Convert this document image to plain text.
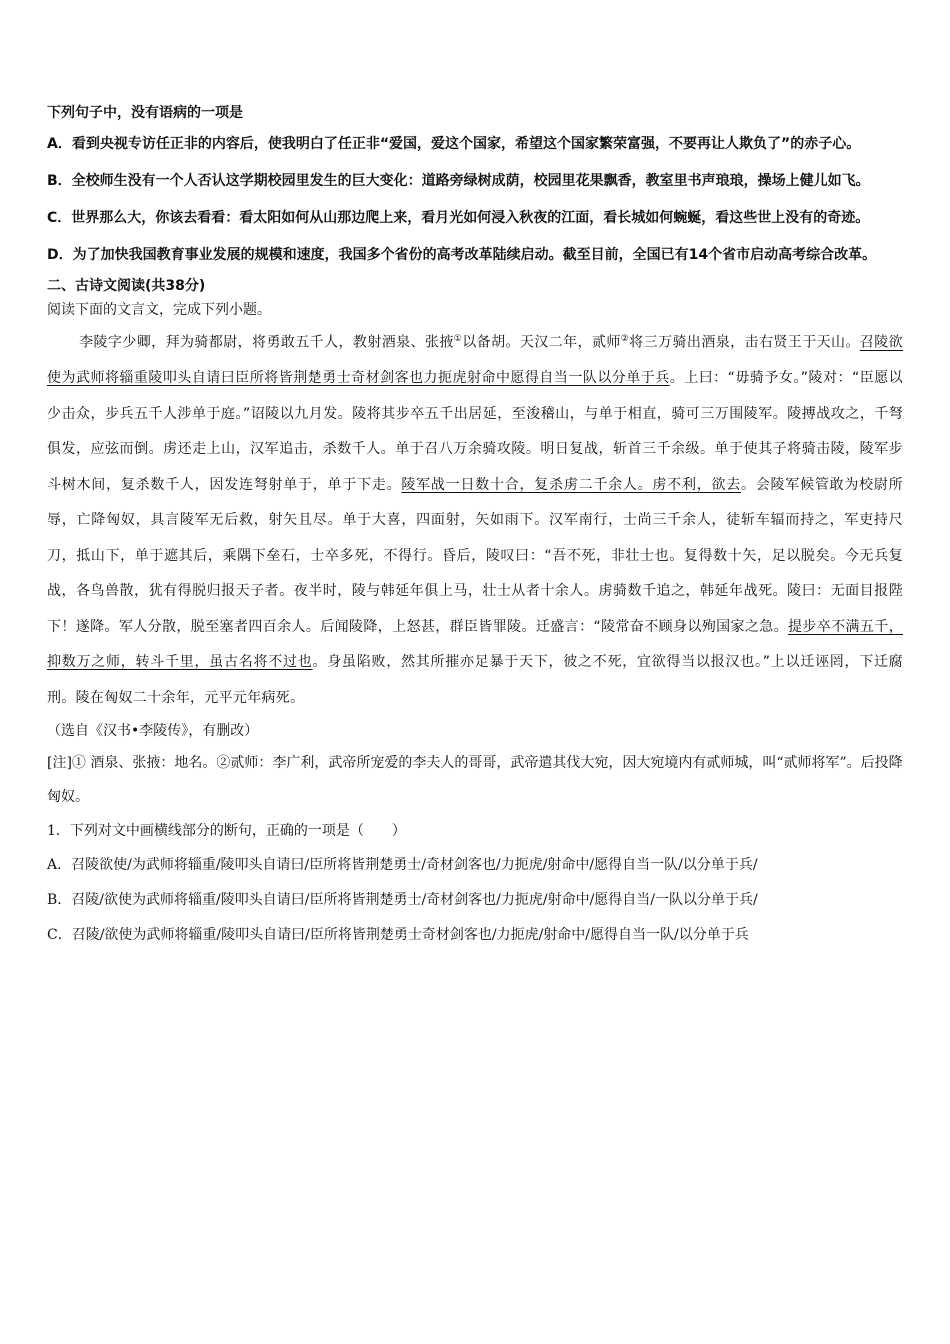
下列句子中，没有语病的一项是

A．看到央视专访任正非的内容后，使我明白了任正非“爱国，爱这个国家，希望这个国家繁荣富强，不要再让人欺负了”的赤子心。

B．全校师生没有一个人否认这学期校园里发生的巨大变化：道路旁绿树成荫，校园里花果飘香，教室里书声琅琅，操场上健儿如飞。

C．世界那么大，你该去看看：看太阳如何从山那边爬上来，看月光如何浸入秋夜的江面，看长城如何蜿蜒，看这些世上没有的奇迹。

D．为了加快我国教育事业发展的规模和速度，我国多个省份的高考改革陆续启动。截至目前，全国已有14个省市启动高考综合改革。

二、古诗文阅读(共38分)
阅读下面的文言文，完成下列小题。

李陵字少卿，拜为骑都尉，将勇敢五千人，教射酒泉、张掖①以备胡。天汉二年，贰师②将三万骑出酒泉，击右贤王于天山。召陵欲使为武师将辎重陵叩头自请曰臣所将皆荆楚勇士奇材剑客也力扼虎射命中愿得自当一队以分单于兵。上曰：“毋骑予女。”陵对：“臣愿以少击众，步兵五千人涉单于庭。”诏陵以九月发。陵将其步卒五千出居延，至浚稽山，与单于相直，骑可三万围陵军。陵搏战攻之，千弩俱发，应弦而倒。虏还走上山，汉军追击，杀数千人。单于召八万余骑攻陵。明日复战，斩首三千余级。单于使其子将骑击陵，陵军步斗树木间，复杀数千人，因发连弩射单于，单于下走。陵军战一日数十合，复杀虏二千余人。虏不利，欲去。会陵军候管敢为校尉所辱，亡降匈奴，具言陵军无后救，射矢且尽。单于大喜，四面射，矢如雨下。汉军南行，士尚三千余人，徒斩车辐而持之，军吏持尺刀，抵山下，单于遮其后，乘隅下垒石，士卒多死，不得行。昏后，陵叹曰：“吾不死，非壮士也。复得数十矢，足以脱矣。今无兵复战，各鸟兽散，犹有得脱归报天子者。夜半时，陵与韩延年俱上马，壮士从者十余人。虏骑数千追之，韩延年战死。陵曰：无面目报陛下！遂降。军人分散，脱至塞者四百余人。后闻陵降，上怒甚，群臣皆罪陵。迁盛言：“陵常奋不顾身以殉国家之急。提步卒不满五千，抑数万之师，转斗千里，虽古名将不过也。身虽陷败，然其所摧亦足暴于天下，彼之不死，宜欲得当以报汉也。”上以迁诬罔，下迁腐刑。陵在匈奴二十余年，元平元年病死。

（选自《汉书•李陵传》，有删改）

[注]① 酒泉、张掖：地名。②贰师：李广利，武帝所宠爱的李夫人的哥哥，武帝遣其伐大宛，因大宛境内有贰师城，叫“贰师将军”。后投降匈奴。

1．下列对文中画横线部分的断句，正确的一项是（　　）

A．召陵欲使/为武师将辎重/陵叩头自请曰/臣所将皆荆楚勇士/奇材剑客也/力扼虎/射命中/愿得自当一队/以分单于兵/

B．召陵/欲使为武师将辎重/陵叩头自请曰/臣所将皆荆楚勇士/奇材剑客也/力扼虎/射命中/愿得自当/一队以分单于兵/

C．召陵/欲使为武师将辎重/陵叩头自请曰/臣所将皆荆楚勇士奇材剑客也/力扼虎/射命中/愿得自当一队/以分单于兵
